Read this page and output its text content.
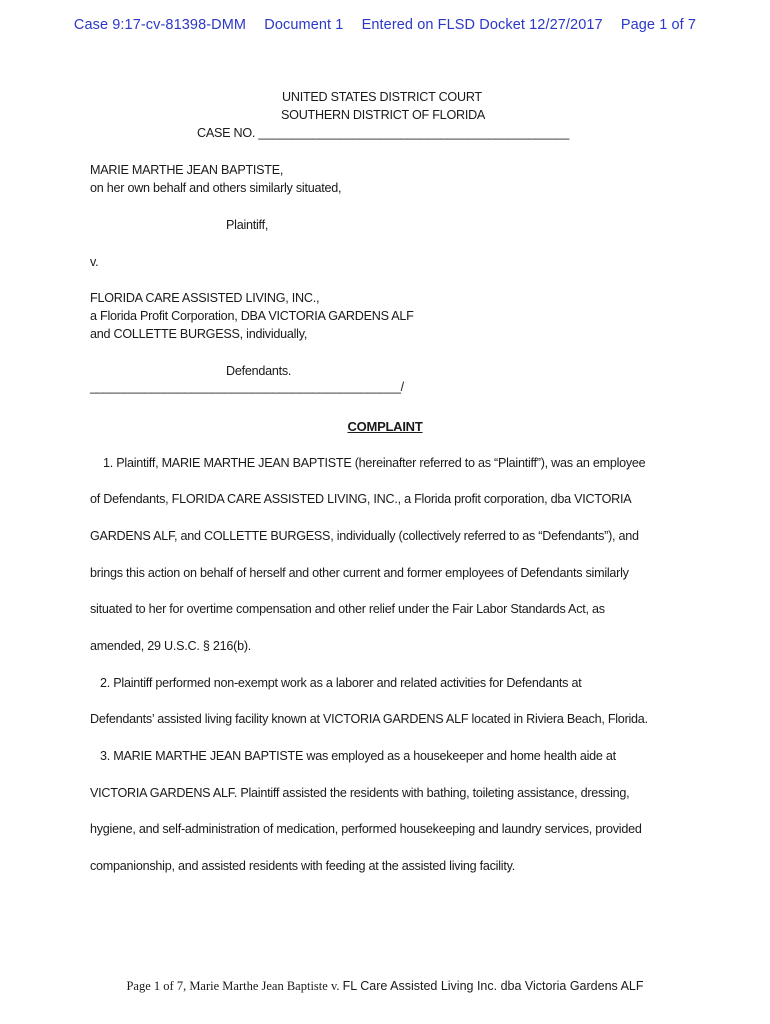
Case 9:17-cv-81398-DMM Document 1 Entered on FLSD Docket 12/27/2017 Page 1 of 7
UNITED STATES DISTRICT COURT
SOUTHERN DISTRICT OF FLORIDA
CASE NO. ______________________________________________
MARIE MARTHE JEAN BAPTISTE,
on her own behalf and others similarly situated,
Plaintiff,
v.
FLORIDA CARE ASSISTED LIVING, INC.,
a Florida Profit Corporation, DBA VICTORIA GARDENS ALF
and COLLETTE BURGESS, individually,
Defendants.
______________________________________________/
COMPLAINT
1. Plaintiff, MARIE MARTHE JEAN BAPTISTE (hereinafter referred to as “Plaintiff”), was an employee
of Defendants, FLORIDA CARE ASSISTED LIVING, INC., a Florida profit corporation, dba VICTORIA
GARDENS ALF, and COLLETTE BURGESS, individually (collectively referred to as “Defendants”), and
brings this action on behalf of herself and other current and former employees of Defendants similarly
situated to her for overtime compensation and other relief under the Fair Labor Standards Act, as
amended, 29 U.S.C. § 216(b).
2. Plaintiff performed non-exempt work as a laborer and related activities for Defendants at
Defendants’ assisted living facility known at VICTORIA GARDENS ALF located in Riviera Beach, Florida.
3. MARIE MARTHE JEAN BAPTISTE was employed as a housekeeper and home health aide at
VICTORIA GARDENS ALF. Plaintiff assisted the residents with bathing, toileting assistance, dressing,
hygiene, and self-administration of medication, performed housekeeping and laundry services, provided
companionship, and assisted residents with feeding at the assisted living facility.
Page 1 of 7, Marie Marthe Jean Baptiste v. FL Care Assisted Living Inc. dba Victoria Gardens ALF
